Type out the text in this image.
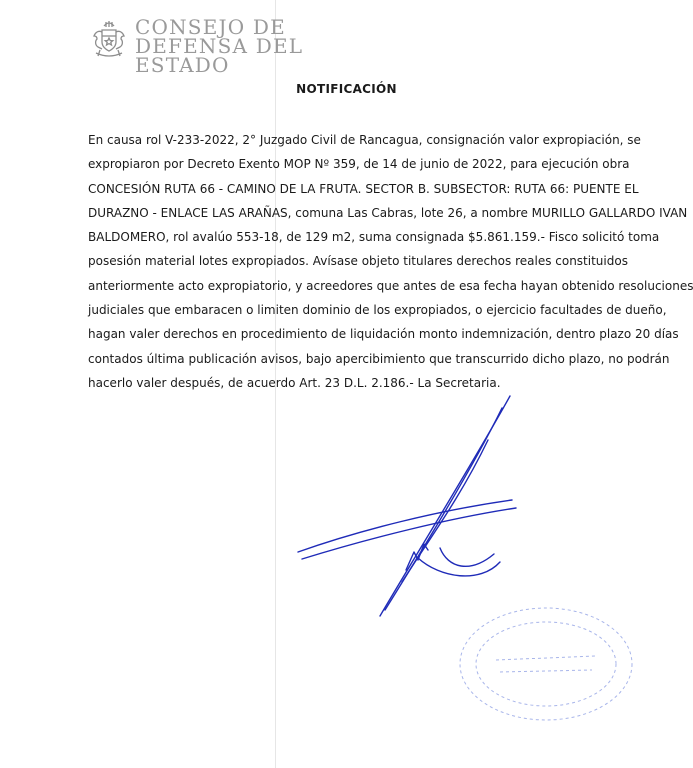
CONSEJO DE
DEFENSA DEL
ESTADO
NOTIFICACIÓN
En causa rol V-233-2022, 2° Juzgado Civil de Rancagua, consignación valor expropiación, se
expropiaron por Decreto Exento MOP Nº 359, de 14 de junio de 2022, para ejecución obra
CONCESIÓN RUTA 66 - CAMINO DE LA FRUTA. SECTOR B. SUBSECTOR: RUTA 66: PUENTE EL
DURAZNO - ENLACE LAS ARAÑAS, comuna Las Cabras, lote 26, a nombre MURILLO GALLARDO IVAN
BALDOMERO, rol avalúo 553-18, de 129 m2, suma consignada $5.861.159.- Fisco solicitó toma
posesión material lotes expropiados. Avísase objeto titulares derechos reales constituidos
anteriormente acto expropiatorio, y acreedores que antes de esa fecha hayan obtenido resoluciones
judiciales que embaracen o limiten dominio de los expropiados, o ejercicio facultades de dueño,
hagan valer derechos en procedimiento de liquidación monto indemnización, dentro plazo 20 días
contados última publicación avisos, bajo apercibimiento que transcurrido dicho plazo, no podrán
hacerlo valer después, de acuerdo Art. 23 D.L. 2.186.- La Secretaria.
